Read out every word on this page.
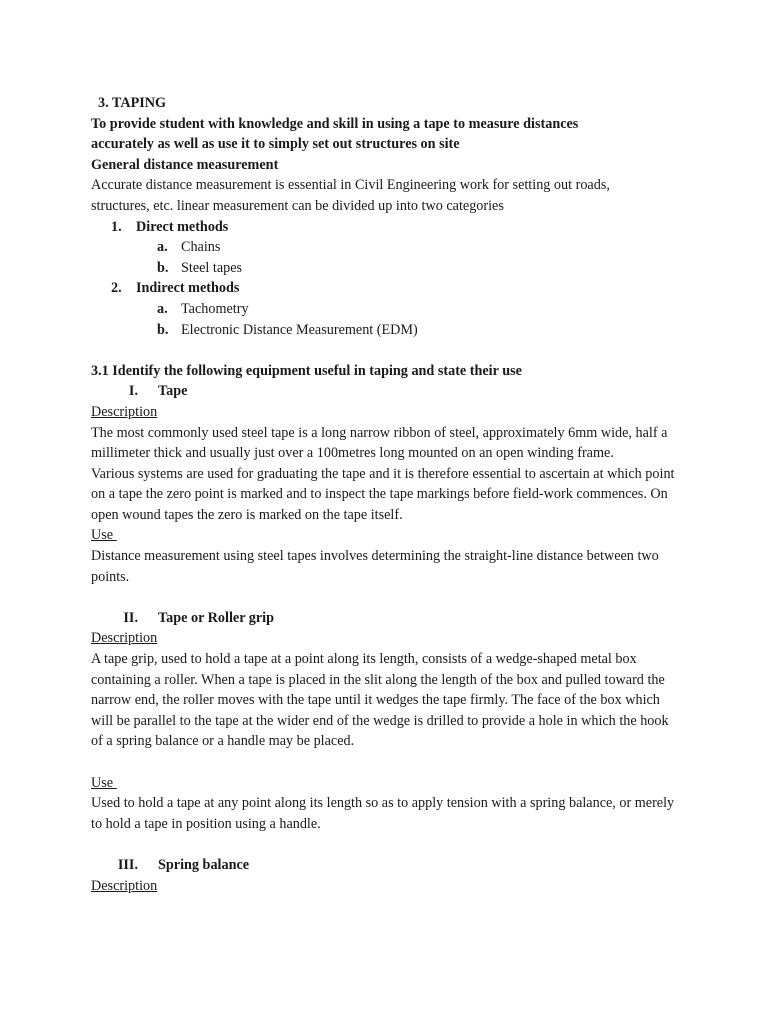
3. TAPING

To provide student with knowledge and skill in using a tape to measure distances

accurately as well as use it to simply set out structures on site

General distance measurement

Accurate distance measurement is essential in Civil Engineering work for setting out roads, structures, etc. linear measurement can be divided up into two categories

1. Direct methods

a. Chains

b. Steel tapes

2. Indirect methods

a. Tachometry

b. Electronic Distance Measurement (EDM)

3.1 Identify the following equipment useful in taping and state their use

I. Tape

Description

The most commonly used steel tape is a long narrow ribbon of steel, approximately 6mm wide, half a millimeter thick and usually just over a 100metres long mounted on an open winding frame.

Various systems are used for graduating the tape and it is therefore essential to ascertain at which point on a tape the zero point is marked and to inspect the tape markings before field-work commences. On open wound tapes the zero is marked on the tape itself.

Use

Distance measurement using steel tapes involves determining the straight-line distance between two points.

II. Tape or Roller grip

Description

A tape grip, used to hold a tape at a point along its length, consists of a wedge-shaped metal box containing a roller. When a tape is placed in the slit along the length of the box and pulled toward the narrow end, the roller moves with the tape until it wedges the tape firmly. The face of the box which will be parallel to the tape at the wider end of the wedge is drilled to provide a hole in which the hook of a spring balance or a handle may be placed.

Use

Used to hold a tape at any point along its length so as to apply tension with a spring balance, or merely to hold a tape in position using a handle.

III. Spring balance

Description
